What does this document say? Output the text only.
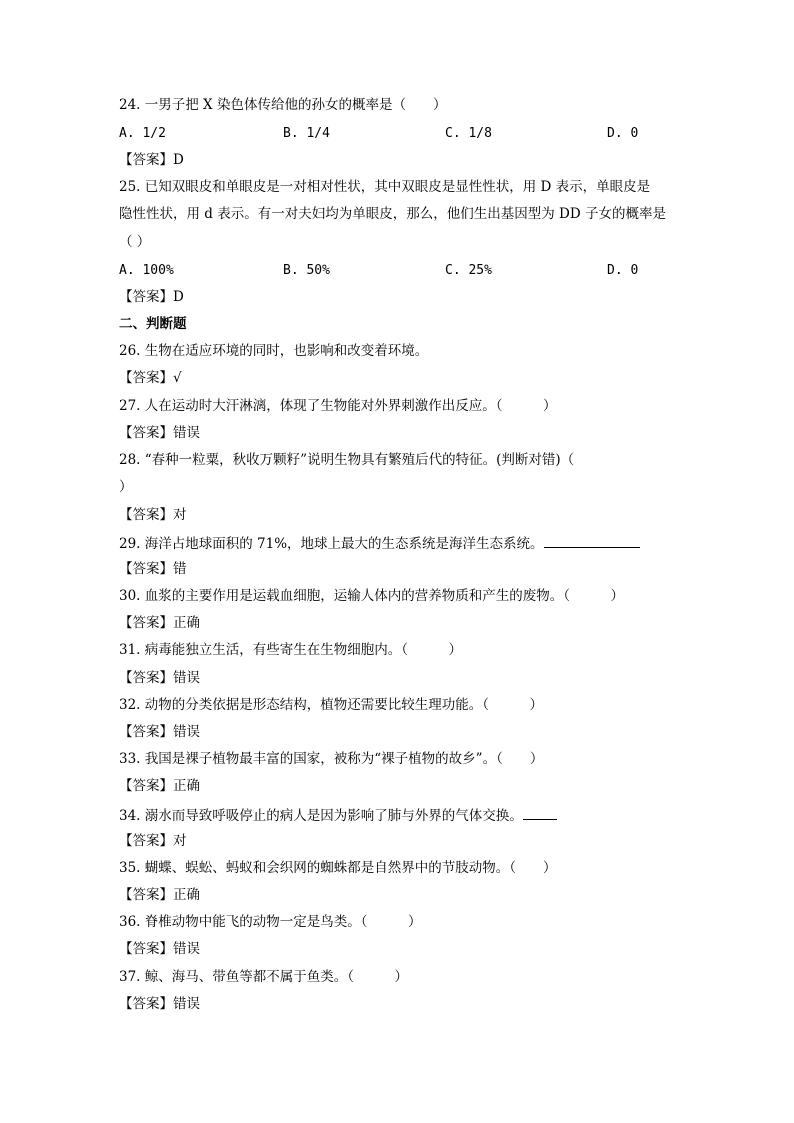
24. 一男子把 X 染色体传给他的孙女的概率是（　　）
A. 1/2	B. 1/4	C. 1/8	D. 0
【答案】D
25. 已知双眼皮和单眼皮是一对相对性状，其中双眼皮是显性性状，用 D 表示，单眼皮是
隐性性状，用 d 表示。有一对夫妇均为单眼皮，那么，他们生出基因型为 DD 子女的概率是
（ ）
A. 100%	B. 50%	C. 25%	D. 0
【答案】D
二、判断题
26. 生物在适应环境的同时，也影响和改变着环境。
【答案】√
27. 人在运动时大汗淋漓，体现了生物能对外界刺激作出反应。（　　　）
【答案】错误
28. “春种一粒粟，秋收万颗籽”说明生物具有繁殖后代的特征。(判断对错)（
）
【答案】对
29. 海洋占地球面积的 71%，地球上最大的生态系统是海洋生态系统。
【答案】错
30. 血浆的主要作用是运载血细胞，运输人体内的营养物质和产生的废物。（　　　）
【答案】正确
31. 病毒能独立生活，有些寄生在生物细胞内。（　　　）
【答案】错误
32. 动物的分类依据是形态结构，植物还需要比较生理功能。（　　　）
【答案】错误
33. 我国是裸子植物最丰富的国家，被称为“裸子植物的故乡”。（　　）
【答案】正确
34. 溺水而导致呼吸停止的病人是因为影响了肺与外界的气体交换。
【答案】对
35. 蝴蝶、蜈蚣、蚂蚁和会织网的蜘蛛都是自然界中的节肢动物。（　　）
【答案】正确
36. 脊椎动物中能飞的动物一定是鸟类。（　　　）
【答案】错误
37. 鲸、海马、带鱼等都不属于鱼类。（　　　）
【答案】错误
